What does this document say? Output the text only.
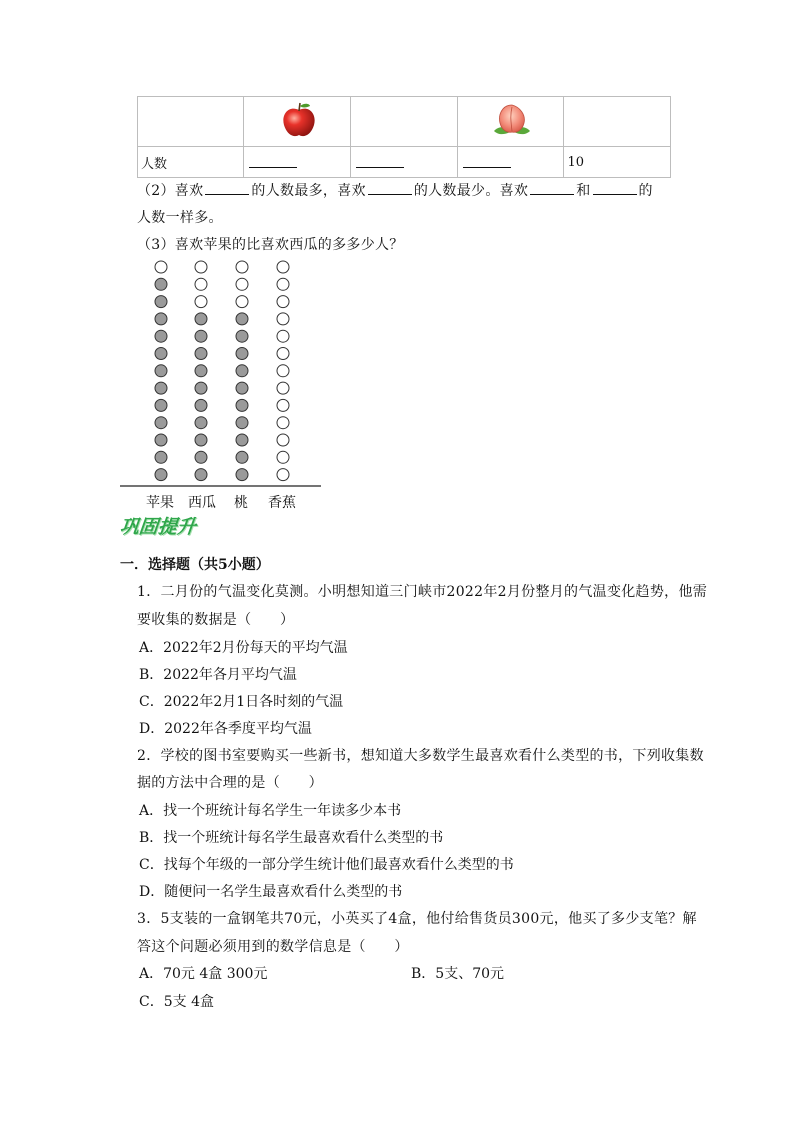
人数				10
（2）喜欢	的人数最多，喜欢	的人数最少。喜欢	和	的
人数一样多。
（3）喜欢苹果的比喜欢西瓜的多多少人？
苹果 西瓜 桃 香蕉
巩固提升
一．选择题（共5小题）
1．二月份的气温变化莫测。小明想知道三门峡市2022年2月份整月的气温变化趋势，他需
要收集的数据是（　　）
A．2022年2月份每天的平均气温
B．2022年各月平均气温
C．2022年2月1日各时刻的气温
D．2022年各季度平均气温
2．学校的图书室要购买一些新书，想知道大多数学生最喜欢看什么类型的书，下列收集数
据的方法中合理的是（　　）
A．找一个班统计每名学生一年读多少本书
B．找一个班统计每名学生最喜欢看什么类型的书
C．找每个年级的一部分学生统计他们最喜欢看什么类型的书
D．随便问一名学生最喜欢看什么类型的书
3．5支装的一盒钢笔共70元，小英买了4盒，他付给售货员300元，他买了多少支笔？解
答这个问题必须用到的数学信息是（　　）
A．70元 4盒 300元	B．5支、70元
C．5支 4盒
